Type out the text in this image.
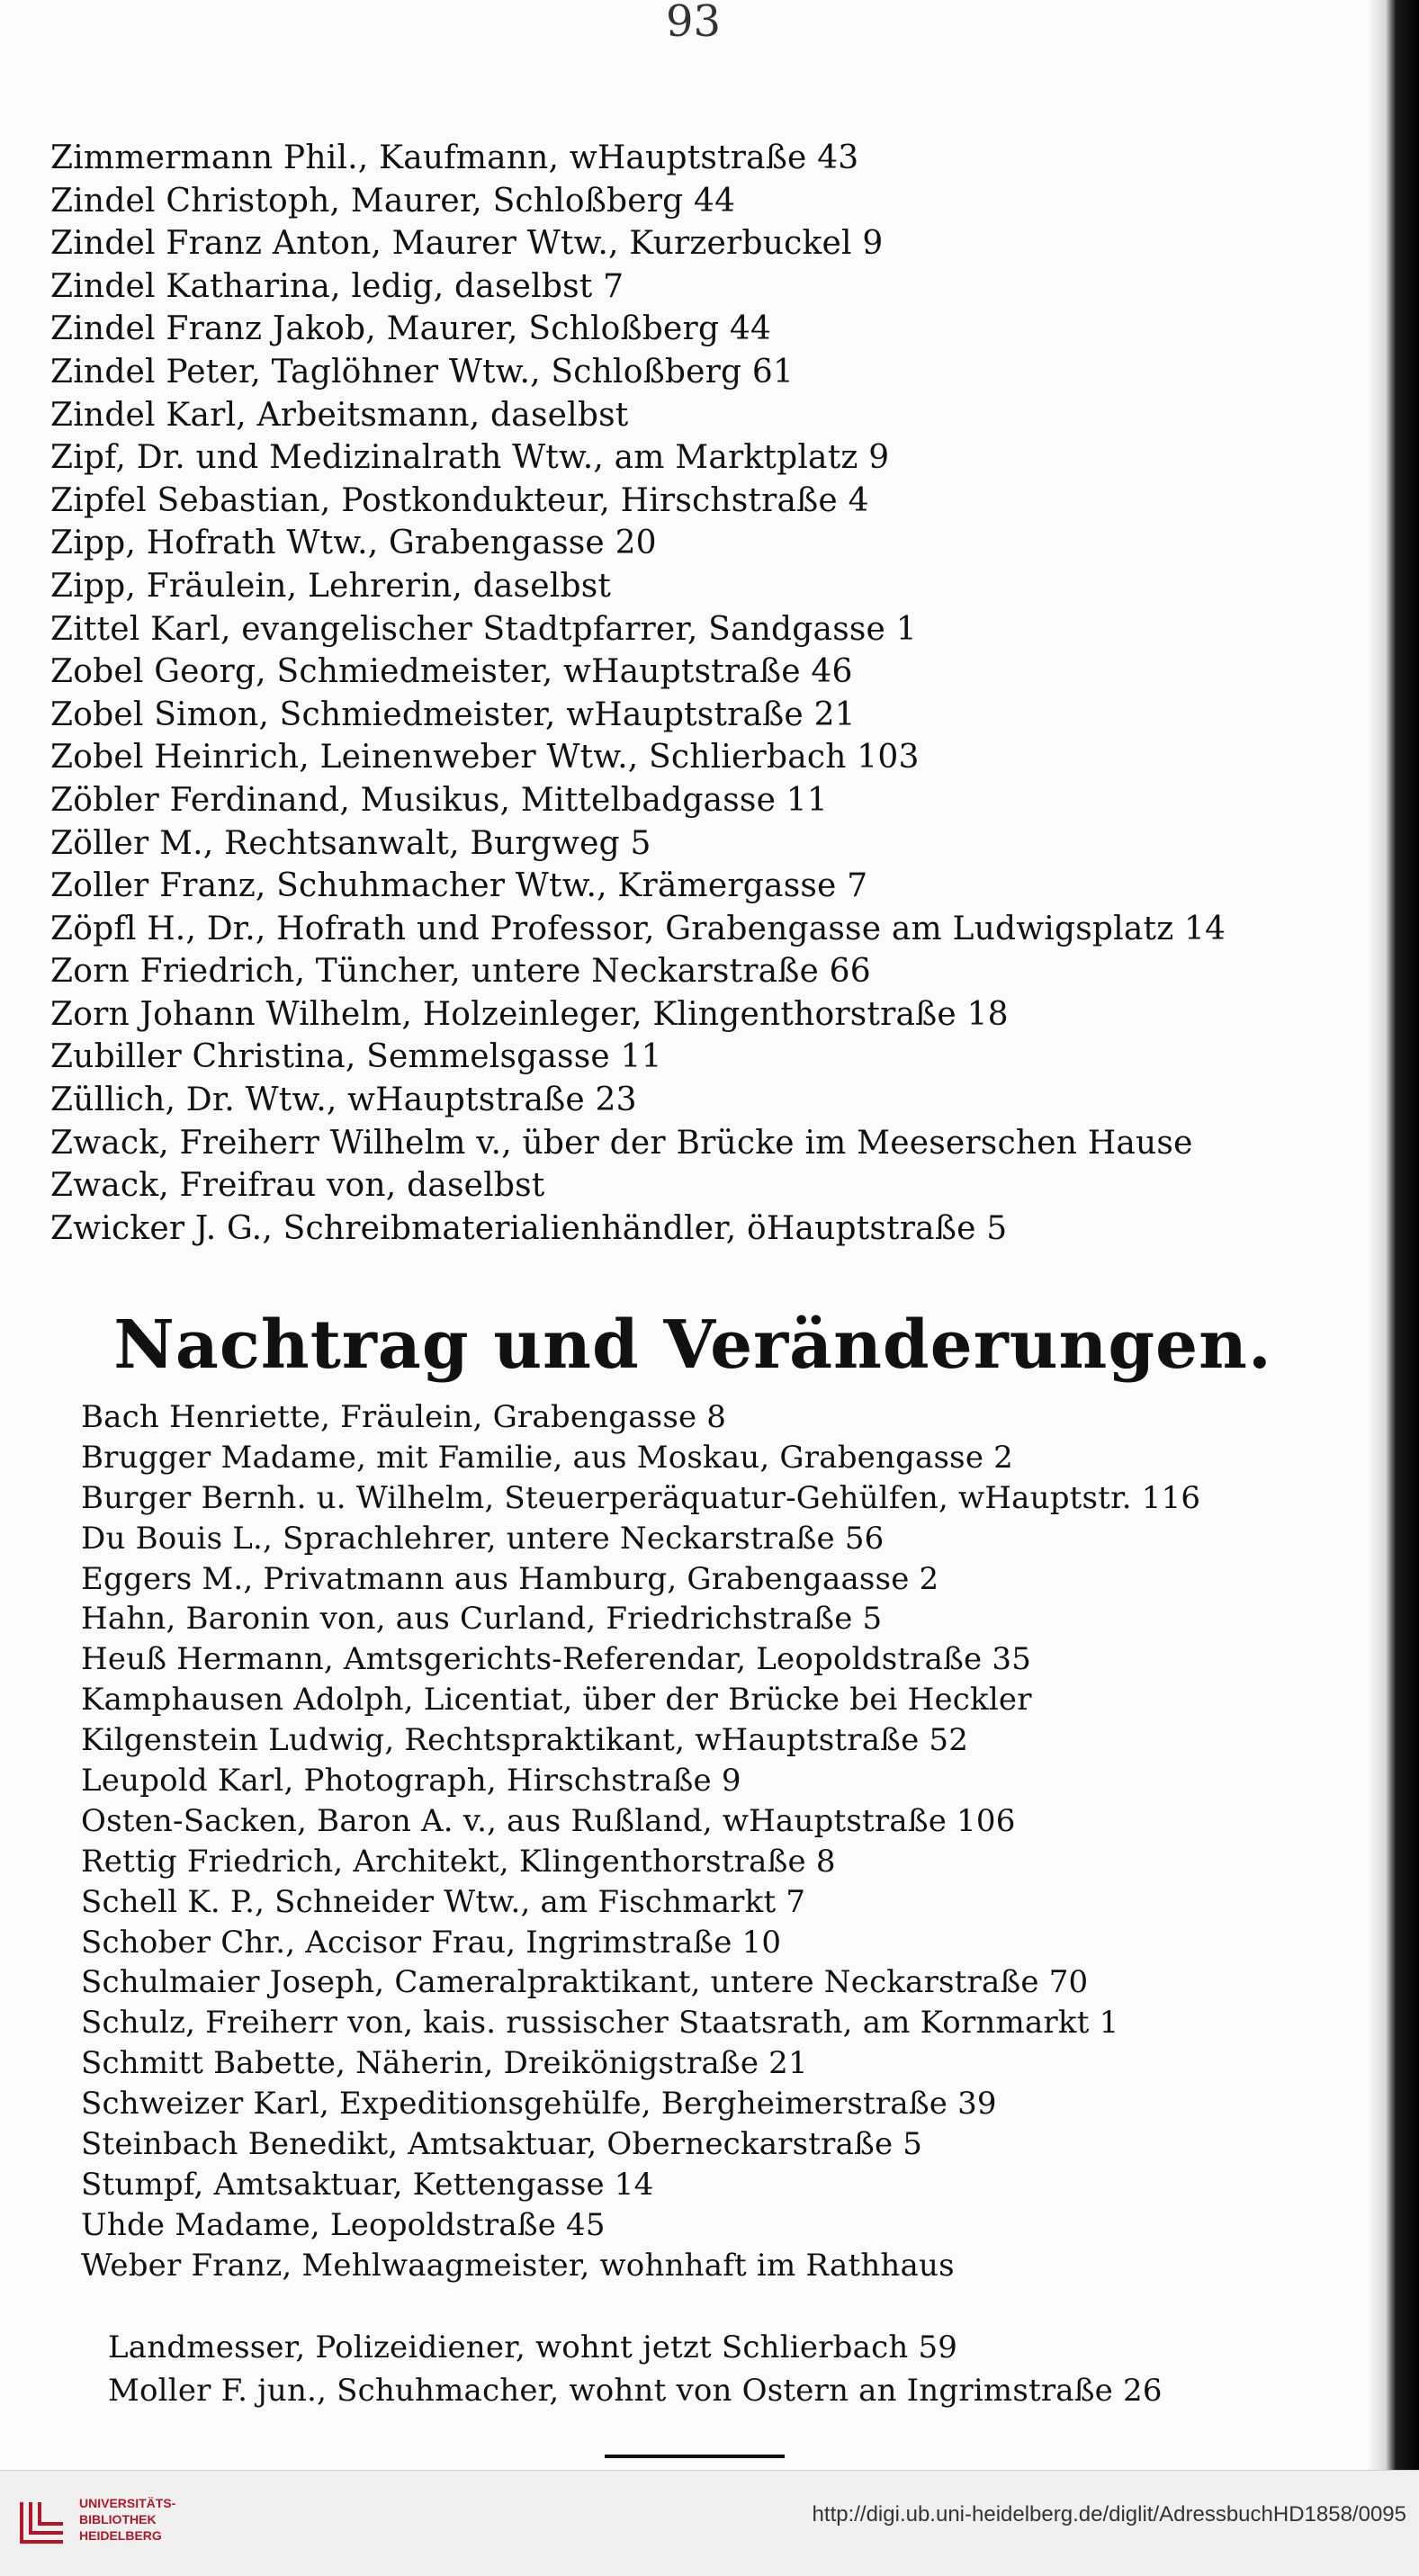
93
Zimmermann Phil., Kaufmann, wHauptstraße 43
Zindel Christoph, Maurer, Schloßberg 44
Zindel Franz Anton, Maurer Wtw., Kurzerbuckel 9
Zindel Katharina, ledig, daselbst 7
Zindel Franz Jakob, Maurer, Schloßberg 44
Zindel Peter, Taglöhner Wtw., Schloßberg 61
Zindel Karl, Arbeitsmann, daselbst
Zipf, Dr. und Medizinalrath Wtw., am Marktplatz 9
Zipfel Sebastian, Postkondukteur, Hirschstraße 4
Zipp, Hofrath Wtw., Grabengasse 20
Zipp, Fräulein, Lehrerin, daselbst
Zittel Karl, evangelischer Stadtpfarrer, Sandgasse 1
Zobel Georg, Schmiedmeister, wHauptstraße 46
Zobel Simon, Schmiedmeister, wHauptstraße 21
Zobel Heinrich, Leinenweber Wtw., Schlierbach 103
Zöbler Ferdinand, Musikus, Mittelbadgasse 11
Zöller M., Rechtsanwalt, Burgweg 5
Zoller Franz, Schuhmacher Wtw., Krämergasse 7
Zöpfl H., Dr., Hofrath und Professor, Grabengasse am Ludwigsplatz 14
Zorn Friedrich, Tüncher, untere Neckarstraße 66
Zorn Johann Wilhelm, Holzeinleger, Klingenthorstraße 18
Zubiller Christina, Semmelsgasse 11
Züllich, Dr. Wtw., wHauptstraße 23
Zwack, Freiherr Wilhelm v., über der Brücke im Meeserschen Hause
Zwack, Freifrau von, daselbst
Zwicker J. G., Schreibmaterialienhändler, öHauptstraße 5
Nachtrag und Veränderungen.
Bach Henriette, Fräulein, Grabengasse 8
Brugger Madame, mit Familie, aus Moskau, Grabengasse 2
Burger Bernh. u. Wilhelm, Steuerperäquatur-Gehülfen, wHauptstr. 116
Du Bouis L., Sprachlehrer, untere Neckarstraße 56
Eggers M., Privatmann aus Hamburg, Grabengaasse 2
Hahn, Baronin von, aus Curland, Friedrichstraße 5
Heuß Hermann, Amtsgerichts-Referendar, Leopoldstraße 35
Kamphausen Adolph, Licentiat, über der Brücke bei Heckler
Kilgenstein Ludwig, Rechtspraktikant, wHauptstraße 52
Leupold Karl, Photograph, Hirschstraße 9
Osten-Sacken, Baron A. v., aus Rußland, wHauptstraße 106
Rettig Friedrich, Architekt, Klingenthorstraße 8
Schell K. P., Schneider Wtw., am Fischmarkt 7
Schober Chr., Accisor Frau, Ingrimstraße 10
Schulmaier Joseph, Cameralpraktikant, untere Neckarstraße 70
Schulz, Freiherr von, kais. russischer Staatsrath, am Kornmarkt 1
Schmitt Babette, Näherin, Dreikönigstraße 21
Schweizer Karl, Expeditionsgehülfe, Bergheimerstraße 39
Steinbach Benedikt, Amtsaktuar, Oberneckarstraße 5
Stumpf, Amtsaktuar, Kettengasse 14
Uhde Madame, Leopoldstraße 45
Weber Franz, Mehlwaagmeister, wohnhaft im Rathhaus
Landmesser, Polizeidiener, wohnt jetzt Schlierbach 59
Moller F. jun., Schuhmacher, wohnt von Ostern an Ingrimstraße 26
UNIVERSITÄTS-
BIBLIOTHEK
HEIDELBERG
http://digi.ub.uni-heidelberg.de/diglit/AdressbuchHD1858/0095
